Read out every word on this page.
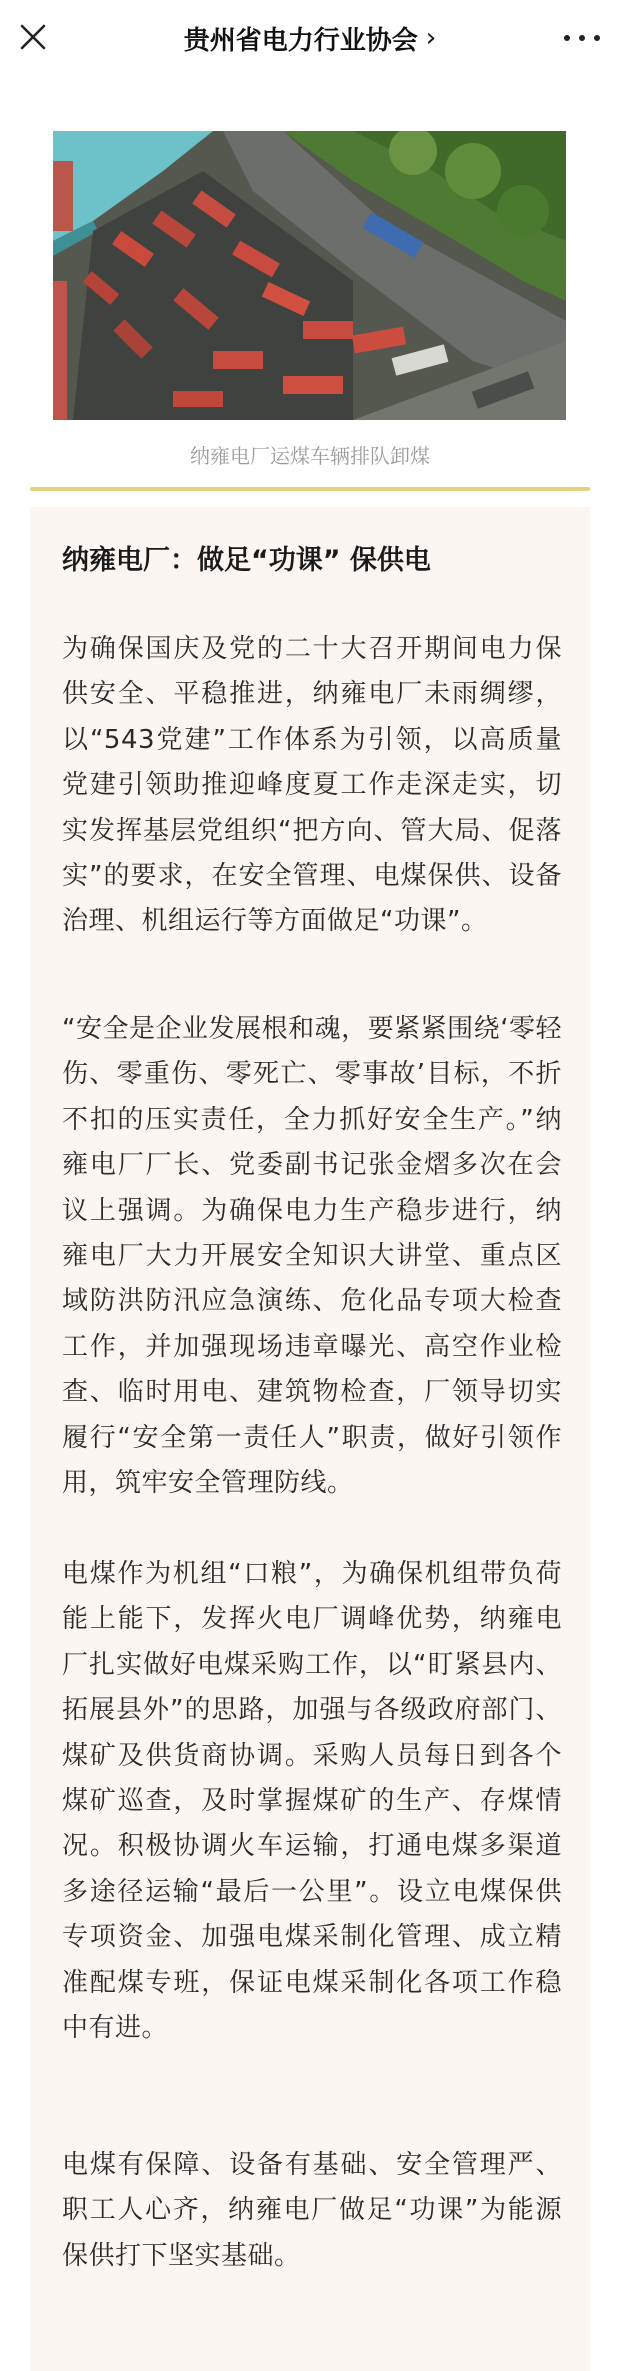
贵州省电力行业协会 ›
纳雍电厂运煤车辆排队卸煤
纳雍电厂：做足“功课” 保供电
为确保国庆及党的二十大召开期间电力保供安全、平稳推进，纳雍电厂未雨绸缪，以“543党建”工作体系为引领，以高质量党建引领助推迎峰度夏工作走深走实，切实发挥基层党组织“把方向、管大局、促落实”的要求，在安全管理、电煤保供、设备治理、机组运行等方面做足“功课”。
“安全是企业发展根和魂，要紧紧围绕‘零轻伤、零重伤、零死亡、零事故’目标，不折不扣的压实责任，全力抓好安全生产。”纳雍电厂厂长、党委副书记张金熠多次在会议上强调。为确保电力生产稳步进行，纳雍电厂大力开展安全知识大讲堂、重点区域防洪防汛应急演练、危化品专项大检查工作，并加强现场违章曝光、高空作业检查、临时用电、建筑物检查，厂领导切实履行“安全第一责任人”职责，做好引领作用，筑牢安全管理防线。
电煤作为机组“口粮”，为确保机组带负荷能上能下，发挥火电厂调峰优势，纳雍电厂扎实做好电煤采购工作，以“盯紧县内、拓展县外”的思路，加强与各级政府部门、煤矿及供货商协调。采购人员每日到各个煤矿巡查，及时掌握煤矿的生产、存煤情况。积极协调火车运输，打通电煤多渠道多途径运输“最后一公里”。设立电煤保供专项资金、加强电煤采制化管理、成立精准配煤专班，保证电煤采制化各项工作稳中有进。
电煤有保障、设备有基础、安全管理严、职工人心齐，纳雍电厂做足“功课”为能源保供打下坚实基础。
